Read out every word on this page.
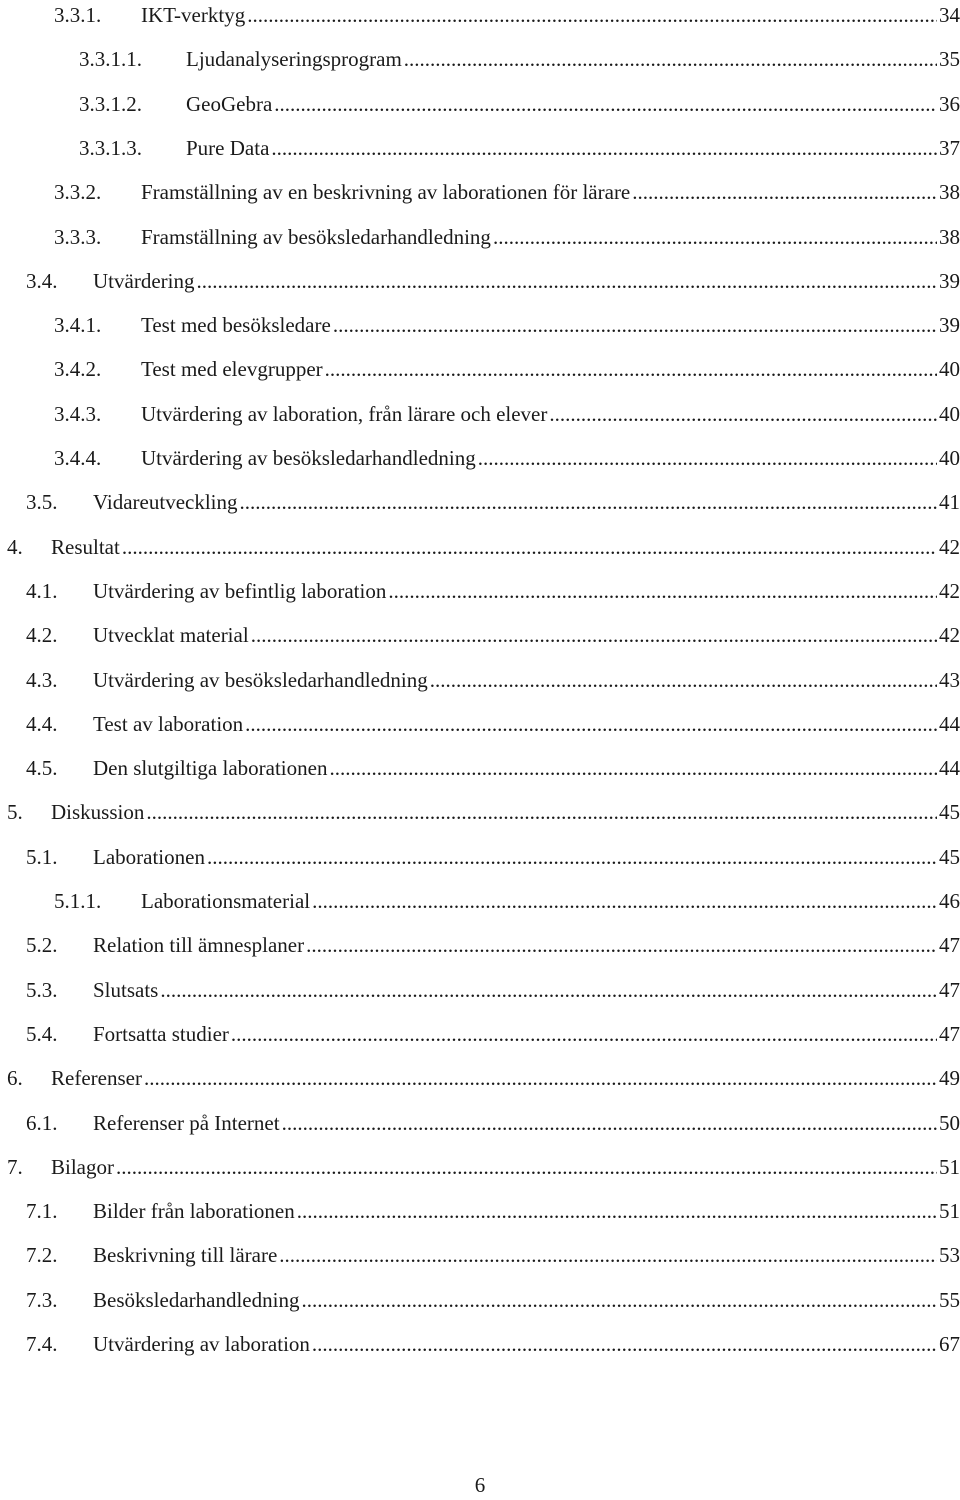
3.3.1. IKT-verktyg .....	34
3.3.1.1. Ljudanalyseringsprogram .....	35
3.3.1.2. GeoGebra .....	36
3.3.1.3. Pure Data .....	37
3.3.2. Framställning av en beskrivning av laborationen för lärare .....	38
3.3.3. Framställning av besöksledarhandledning .....	38
3.4. Utvärdering .....	39
3.4.1. Test med besöksledare .....	39
3.4.2. Test med elevgrupper .....	40
3.4.3. Utvärdering av laboration, från lärare och elever .....	40
3.4.4. Utvärdering av besöksledarhandledning .....	40
3.5. Vidareutveckling .....	41
4. Resultat .....	42
4.1. Utvärdering av befintlig laboration .....	42
4.2. Utvecklat material .....	42
4.3. Utvärdering av besöksledarhandledning .....	43
4.4. Test av laboration .....	44
4.5. Den slutgiltiga laborationen .....	44
5. Diskussion .....	45
5.1. Laborationen .....	45
5.1.1. Laborationsmaterial .....	46
5.2. Relation till ämnesplaner .....	47
5.3. Slutsats .....	47
5.4. Fortsatta studier .....	47
6. Referenser .....	49
6.1. Referenser på Internet .....	50
7. Bilagor .....	51
7.1. Bilder från laborationen .....	51
7.2. Beskrivning till lärare .....	53
7.3. Besöksledarhandledning .....	55
7.4. Utvärdering av laboration .....	67
6
